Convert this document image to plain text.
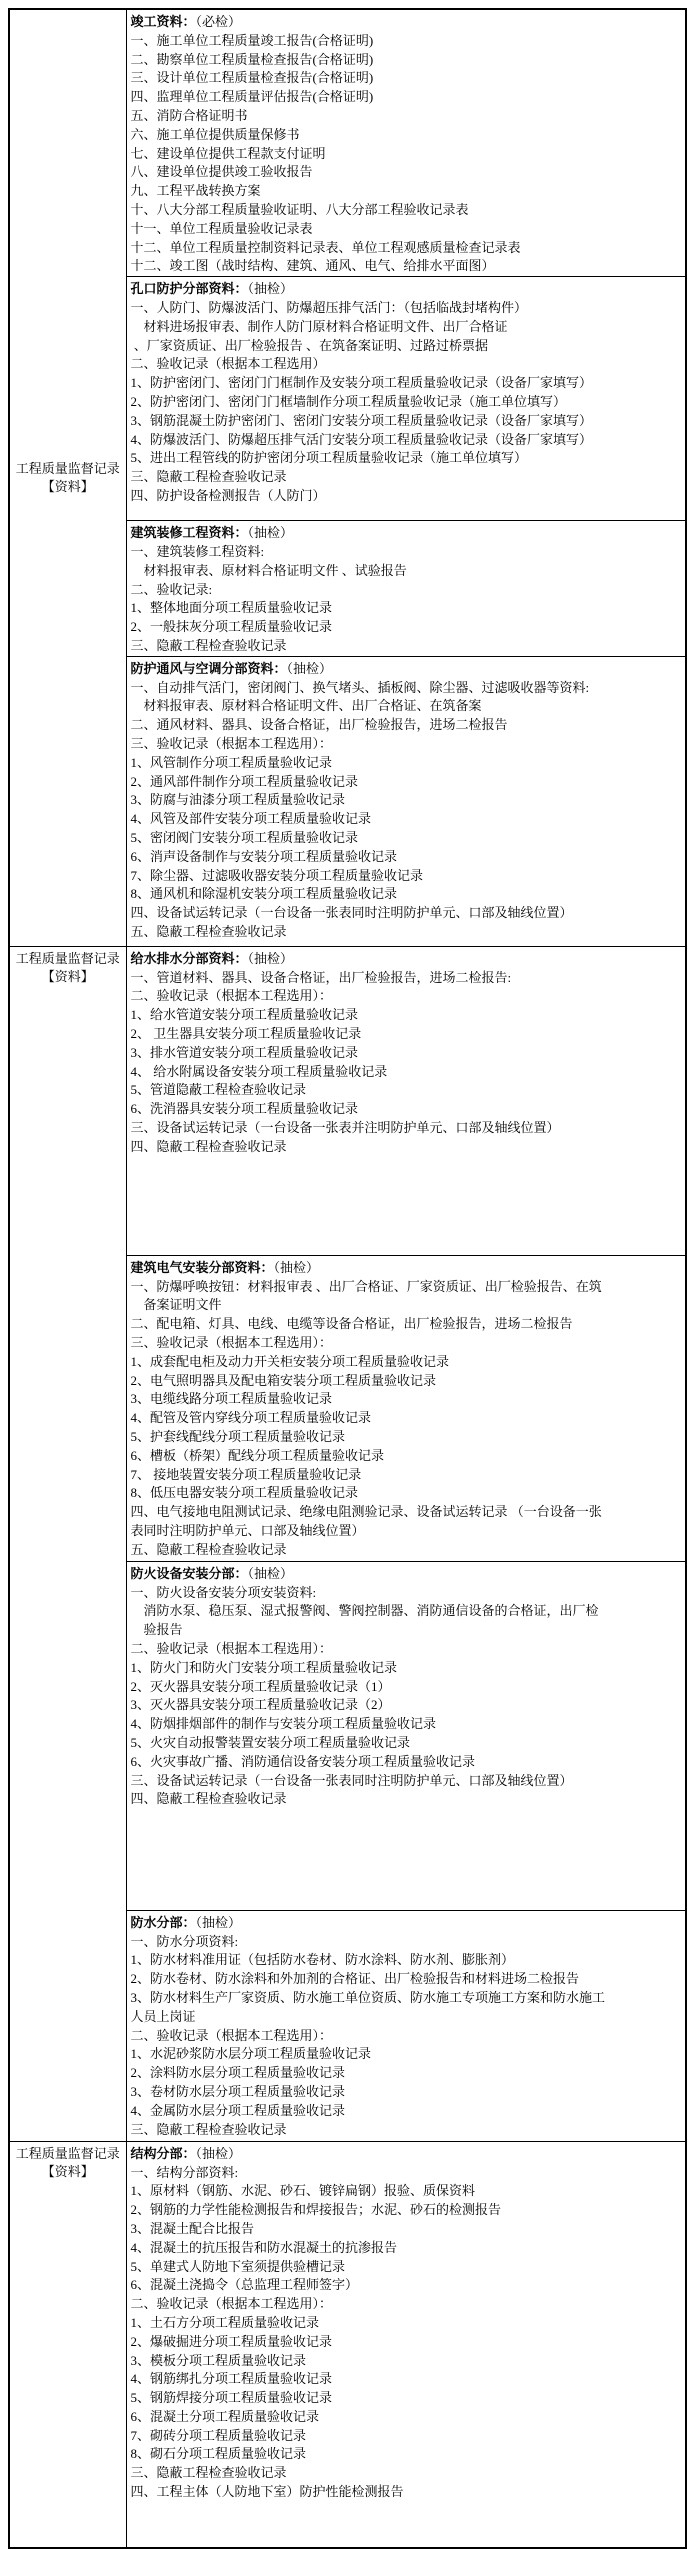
工程质量监督记录
【资料】

竣工资料：（必检）

一、施工单位工程质量竣工报告(合格证明)

二、勘察单位工程质量检查报告(合格证明)

三、设计单位工程质量检查报告(合格证明)

四、监理单位工程质量评估报告(合格证明)

五、消防合格证明书

六、施工单位提供质量保修书

七、建设单位提供工程款支付证明

八、建设单位提供竣工验收报告

九、工程平战转换方案

十、八大分部工程质量验收证明、八大分部工程验收记录表

十一、单位工程质量验收记录表

十二、单位工程质量控制资料记录表、单位工程观感质量检查记录表

十二、竣工图（战时结构、建筑、通风、电气、给排水平面图）

孔口防护分部资料：（抽检）

一、人防门、防爆波活门、防爆超压排气活门：（包括临战封堵构件）

　材料进场报审表、制作人防门原材料合格证明文件、出厂合格证

、厂家资质证、出厂检验报告 、在筑备案证明、过路过桥票据

二、验收记录（根据本工程选用）

1、防护密闭门、密闭门门框制作及安装分项工程质量验收记录（设备厂家填写）

2、防护密闭门、密闭门门框墙制作分项工程质量验收记录（施工单位填写）

3、钢筋混凝土防护密闭门、密闭门安装分项工程质量验收记录（设备厂家填写）

4、防爆波活门、防爆超压排气活门安装分项工程质量验收记录（设备厂家填写）

5、进出工程管线的防护密闭分项工程质量验收记录（施工单位填写）

三、隐蔽工程检查验收记录

四、防护设备检测报告（人防门）

建筑装修工程资料：（抽检）

一、建筑装修工程资料:

　材料报审表、原材料合格证明文件 、试验报告

二、验收记录:

1、整体地面分项工程质量验收记录

2、一般抹灰分项工程质量验收记录

三、隐蔽工程检查验收记录

防护通风与空调分部资料：（抽检）

一、自动排气活门，密闭阀门、换气堵头、插板阀、除尘器、过滤吸收器等资料:

　材料报审表、原材料合格证明文件、出厂合格证、在筑备案

二、通风材料、器具、设备合格证，出厂检验报告，进场二检报告

三、验收记录（根据本工程选用）：

1、风管制作分项工程质量验收记录

2、通风部件制作分项工程质量验收记录

3、防腐与油漆分项工程质量验收记录

4、风管及部件安装分项工程质量验收记录

5、密闭阀门安装分项工程质量验收记录

6、消声设备制作与安装分项工程质量验收记录

7、除尘器、过滤吸收器安装分项工程质量验收记录

8、通风机和除湿机安装分项工程质量验收记录

四、设备试运转记录（一台设备一张表同时注明防护单元、口部及轴线位置）

五、隐蔽工程检查验收记录

工程质量监督记录
【资料】

给水排水分部资料：（抽检）

一、管道材料、器具、设备合格证，出厂检验报告，进场二检报告:

二、验收记录（根据本工程选用）：

1、给水管道安装分项工程质量验收记录

2、 卫生器具安装分项工程质量验收记录

3、排水管道安装分项工程质量验收记录

4、 给水附属设备安装分项工程质量验收记录

5、管道隐蔽工程检查验收记录

6、洗消器具安装分项工程质量验收记录

三、设备试运转记录（一台设备一张表并注明防护单元、口部及轴线位置）

四、隐蔽工程检查验收记录

建筑电气安装分部资料：（抽检）

一、防爆呼唤按钮：材料报审表 、出厂合格证、厂家资质证、出厂检验报告、在筑

　备案证明文件

二、配电箱、灯具、电线、电缆等设备合格证，出厂检验报告，进场二检报告

三、验收记录（根据本工程选用）：

1、成套配电柜及动力开关柜安装分项工程质量验收记录

2、电气照明器具及配电箱安装分项工程质量验收记录

3、电缆线路分项工程质量验收记录

4、配管及管内穿线分项工程质量验收记录

5、护套线配线分项工程质量验收记录

6、槽板（桥架）配线分项工程质量验收记录

7、 接地装置安装分项工程质量验收记录

8、低压电器安装分项工程质量验收记录

四、电气接地电阻测试记录、绝缘电阻测验记录、设备试运转记录 （一台设备一张

表同时注明防护单元、口部及轴线位置）

五、隐蔽工程检查验收记录

防火设备安装分部：（抽检）

一、防火设备安装分项安装资料:

　消防水泵、稳压泵、湿式报警阀、警阀控制器、消防通信设备的合格证，出厂检

　验报告

二、验收记录（根据本工程选用）：

1、防火门和防火门安装分项工程质量验收记录

2、灭火器具安装分项工程质量验收记录（1）

3、灭火器具安装分项工程质量验收记录（2）

4、防烟排烟部件的制作与安装分项工程质量验收记录

5、火灾自动报警装置安装分项工程质量验收记录

6、火灾事故广播、消防通信设备安装分项工程质量验收记录

三、设备试运转记录（一台设备一张表同时注明防护单元、口部及轴线位置）

四、隐蔽工程检查验收记录

防水分部：（抽检）

一、防水分项资料:

1、防水材料准用证（包括防水卷材、防水涂料、防水剂、膨胀剂）

2、防水卷材、防水涂料和外加剂的合格证、出厂检验报告和材料进场二检报告

3、防水材料生产厂家资质、防水施工单位资质、防水施工专项施工方案和防水施工

人员上岗证

二、验收记录（根据本工程选用）：

1、水泥砂浆防水层分项工程质量验收记录

2、涂料防水层分项工程质量验收记录

3、卷材防水层分项工程质量验收记录

4、金属防水层分项工程质量验收记录

三、隐蔽工程检查验收记录

工程质量监督记录
【资料】

结构分部：（抽检）

一、结构分部资料:

1、原材料（钢筋、水泥、砂石、镀锌扁钢）报验、质保资料

2、钢筋的力学性能检测报告和焊接报告；水泥、砂石的检测报告

3、混凝土配合比报告

4、混凝土的抗压报告和防水混凝土的抗渗报告

5、单建式人防地下室须提供验槽记录

6、混凝土浇捣令（总监理工程师签字）

二、验收记录（根据本工程选用）：

1、土石方分项工程质量验收记录

2、爆破掘进分项工程质量验收记录

3、模板分项工程质量验收记录

4、钢筋绑扎分项工程质量验收记录

5、钢筋焊接分项工程质量验收记录

6、混凝土分项工程质量验收记录

7、砌砖分项工程质量验收记录

8、砌石分项工程质量验收记录

三、隐蔽工程检查验收记录

四、工程主体（人防地下室）防护性能检测报告
